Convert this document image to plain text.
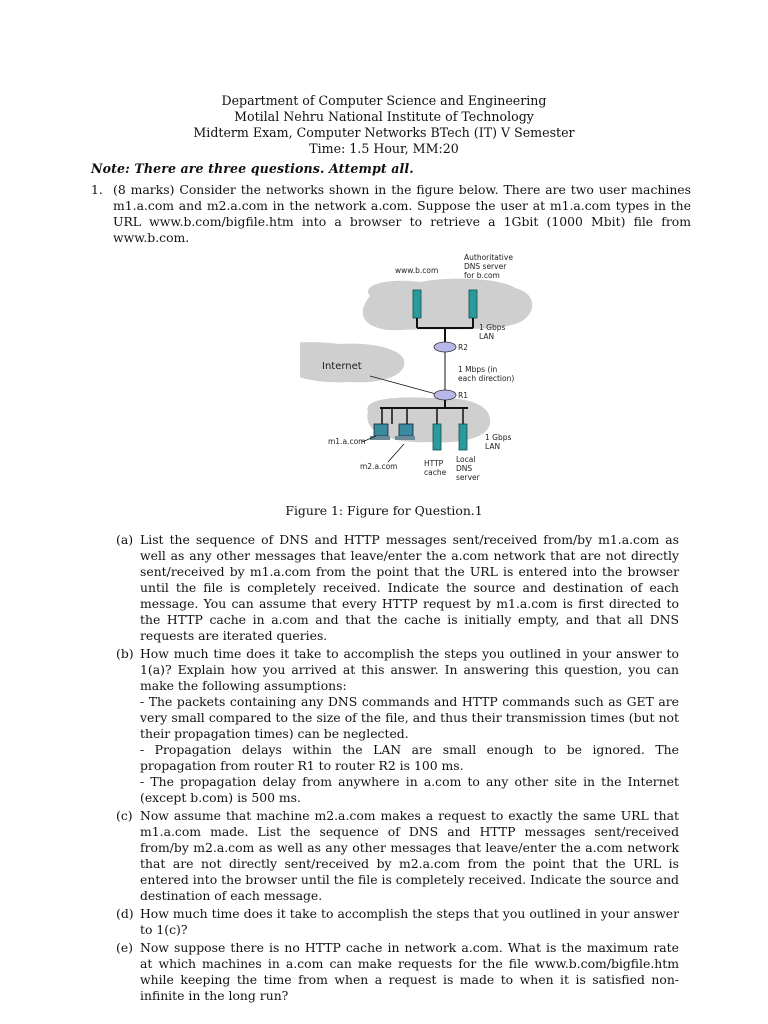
Department of Computer Science and Engineering
Motilal Nehru National Institute of Technology
Midterm Exam, Computer Networks BTech (IT) V Semester
Time: 1.5 Hour, MM:20
Note: There are three questions. Attempt all.
1. (8 marks) Consider the networks shown in the figure below. There are two user machines m1.a.com and m2.a.com in the network a.com. Suppose the user at m1.a.com types in the URL www.b.com/bigfile.htm into a browser to retrieve a 1Gbit (1000 Mbit) file from www.b.com.
www.b.com
Authoritative
DNS server
for b.com
1 Gbps
LAN
R2
1 Mbps (in
each direction)
Internet
R1
m1.a.com
m2.a.com	HTTP
cache
Local
DNS
server
1 Gbps
LAN
Figure 1: Figure for Question.1
(a) List the sequence of DNS and HTTP messages sent/received from/by m1.a.com as well as any other messages that leave/enter the a.com network that are not directly sent/received by m1.a.com from the point that the URL is entered into the browser until the file is completely received. Indicate the source and destination of each message. You can assume that every HTTP request by m1.a.com is first directed to the HTTP cache in a.com and that the cache is initially empty, and that all DNS requests are iterated queries.
(b) How much time does it take to accomplish the steps you outlined in your answer to 1(a)? Explain how you arrived at this answer. In answering this question, you can make the following assumptions:
- The packets containing any DNS commands and HTTP commands such as GET are very small compared to the size of the file, and thus their transmission times (but not their propagation times) can be neglected.
- Propagation delays within the LAN are small enough to be ignored. The propagation from router R1 to router R2 is 100 ms.
- The propagation delay from anywhere in a.com to any other site in the Internet (except b.com) is 500 ms.
(c) Now assume that machine m2.a.com makes a request to exactly the same URL that m1.a.com made. List the sequence of DNS and HTTP messages sent/received from/by m2.a.com as well as any other messages that leave/enter the a.com network that are not directly sent/received by m2.a.com from the point that the URL is entered into the browser until the file is completely received. Indicate the source and destination of each message.
(d) How much time does it take to accomplish the steps that you outlined in your answer to 1(c)?
(e) Now suppose there is no HTTP cache in network a.com. What is the maximum rate at which machines in a.com can make requests for the file www.b.com/bigfile.htm while keeping the time from when a request is made to when it is satisfied non-infinite in the long run?
